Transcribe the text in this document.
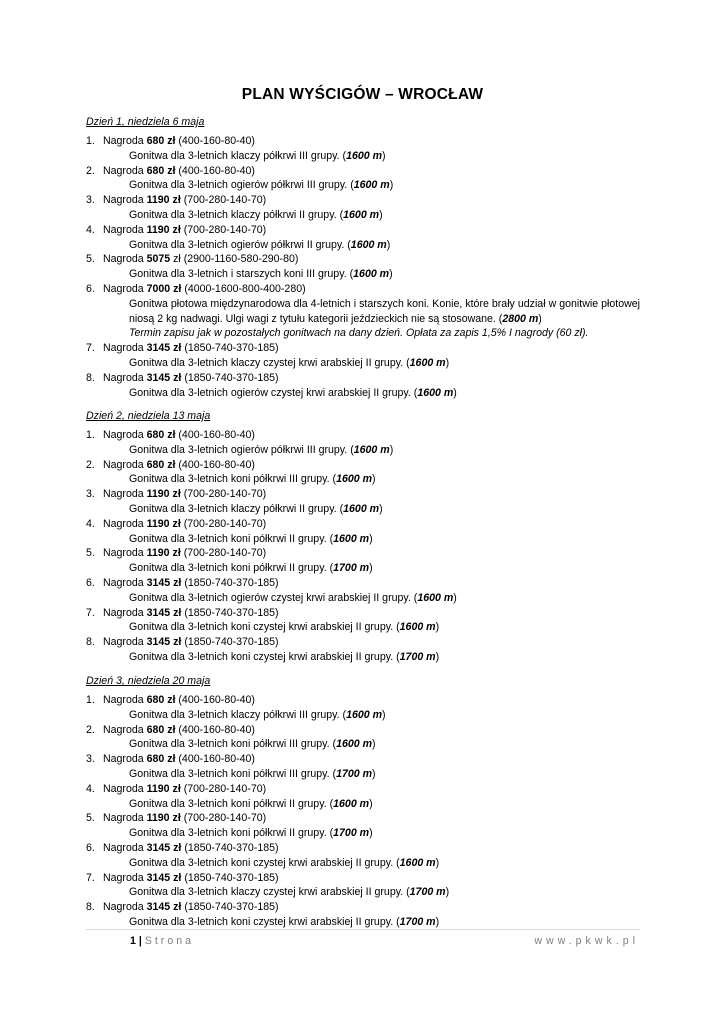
PLAN WYŚCIGÓW – WROCŁAW
Dzień 1, niedziela 6 maja
1. Nagroda 680 zł (400-160-80-40)
Gonitwa dla 3-letnich klaczy półkrwi III grupy. (1600 m)
2. Nagroda 680 zł (400-160-80-40)
Gonitwa dla 3-letnich ogierów półkrwi III grupy. (1600 m)
3. Nagroda 1190 zł (700-280-140-70)
Gonitwa dla 3-letnich klaczy półkrwi II grupy. (1600 m)
4. Nagroda 1190 zł (700-280-140-70)
Gonitwa dla 3-letnich ogierów półkrwi II grupy. (1600 m)
5. Nagroda 5075 zł (2900-1160-580-290-80)
Gonitwa dla 3-letnich i starszych koni III grupy. (1600 m)
6. Nagroda 7000 zł (4000-1600-800-400-280)
Gonitwa płotowa międzynarodowa dla 4-letnich i starszych koni. Konie, które brały udział w gonitwie płotowej niosą 2 kg nadwagi. Ulgi wagi z tytułu kategorii jeździeckich nie są stosowane. (2800 m)
Termin zapisu jak w pozostałych gonitwach na dany dzień. Opłata za zapis 1,5% I nagrody (60 zł).
7. Nagroda 3145 zł (1850-740-370-185)
Gonitwa dla 3-letnich klaczy czystej krwi arabskiej II grupy. (1600 m)
8. Nagroda 3145 zł (1850-740-370-185)
Gonitwa dla 3-letnich ogierów czystej krwi arabskiej II grupy. (1600 m)
Dzień 2, niedziela 13 maja
1. Nagroda 680 zł (400-160-80-40)
Gonitwa dla 3-letnich ogierów półkrwi III grupy. (1600 m)
2. Nagroda 680 zł (400-160-80-40)
Gonitwa dla 3-letnich koni półkrwi III grupy. (1600 m)
3. Nagroda 1190 zł (700-280-140-70)
Gonitwa dla 3-letnich klaczy półkrwi II grupy. (1600 m)
4. Nagroda 1190 zł (700-280-140-70)
Gonitwa dla 3-letnich koni półkrwi II grupy. (1600 m)
5. Nagroda 1190 zł (700-280-140-70)
Gonitwa dla 3-letnich koni półkrwi II grupy. (1700 m)
6. Nagroda 3145 zł (1850-740-370-185)
Gonitwa dla 3-letnich ogierów czystej krwi arabskiej II grupy. (1600 m)
7. Nagroda 3145 zł (1850-740-370-185)
Gonitwa dla 3-letnich koni czystej krwi arabskiej II grupy. (1600 m)
8. Nagroda 3145 zł (1850-740-370-185)
Gonitwa dla 3-letnich koni czystej krwi arabskiej II grupy. (1700 m)
Dzień 3, niedziela 20 maja
1. Nagroda 680 zł (400-160-80-40)
Gonitwa dla 3-letnich klaczy półkrwi III grupy. (1600 m)
2. Nagroda 680 zł (400-160-80-40)
Gonitwa dla 3-letnich koni półkrwi III grupy. (1600 m)
3. Nagroda 680 zł (400-160-80-40)
Gonitwa dla 3-letnich koni półkrwi III grupy. (1700 m)
4. Nagroda 1190 zł (700-280-140-70)
Gonitwa dla 3-letnich koni półkrwi II grupy. (1600 m)
5. Nagroda 1190 zł (700-280-140-70)
Gonitwa dla 3-letnich koni półkrwi II grupy. (1700 m)
6. Nagroda 3145 zł (1850-740-370-185)
Gonitwa dla 3-letnich koni czystej krwi arabskiej II grupy. (1600 m)
7. Nagroda 3145 zł (1850-740-370-185)
Gonitwa dla 3-letnich klaczy czystej krwi arabskiej II grupy. (1700 m)
8. Nagroda 3145 zł (1850-740-370-185)
Gonitwa dla 3-letnich koni czystej krwi arabskiej II grupy. (1700 m)
1 | Strona	www.pkwk.pl
